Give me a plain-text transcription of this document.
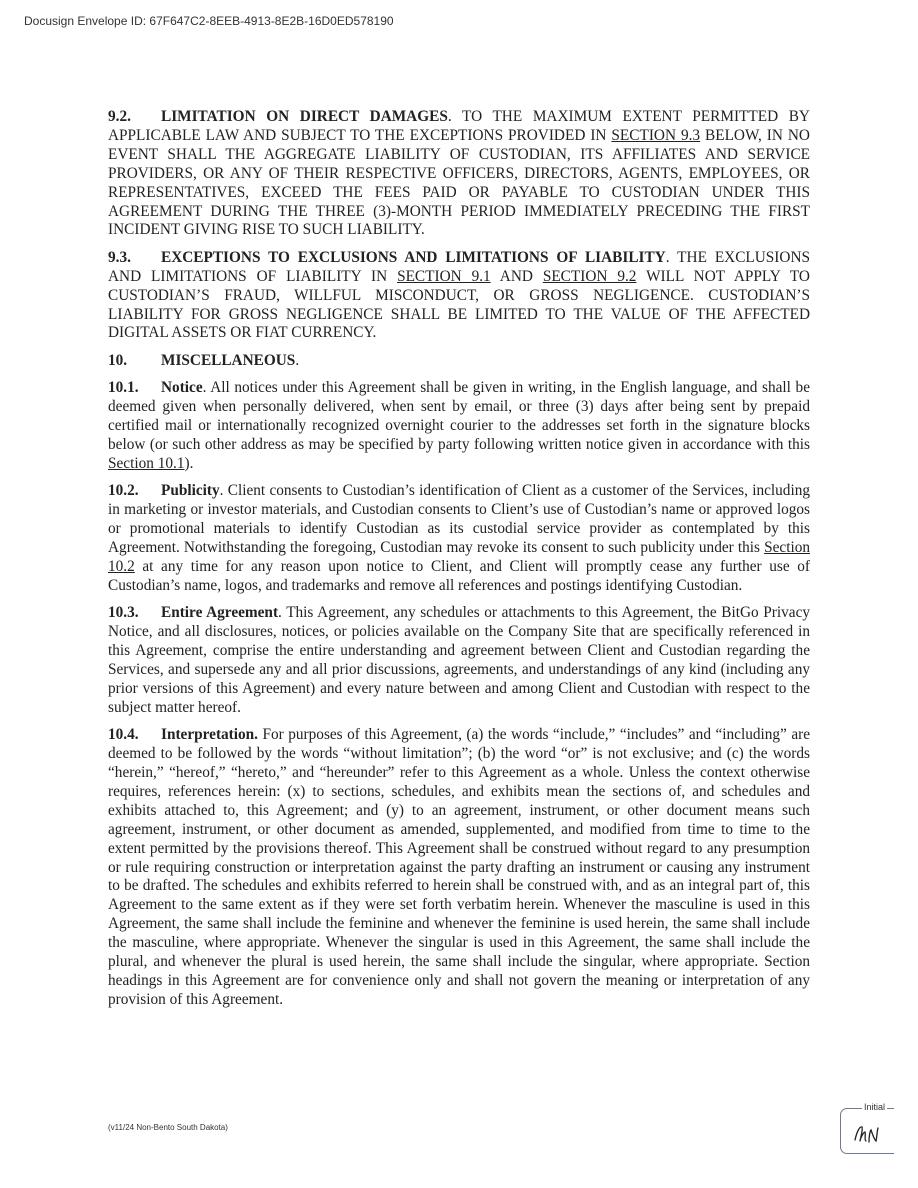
Docusign Envelope ID: 67F647C2-8EEB-4913-8E2B-16D0ED578190

9.2. LIMITATION ON DIRECT DAMAGES. TO THE MAXIMUM EXTENT PERMITTED BY APPLICABLE LAW AND SUBJECT TO THE EXCEPTIONS PROVIDED IN SECTION 9.3 BELOW, IN NO EVENT SHALL THE AGGREGATE LIABILITY OF CUSTODIAN, ITS AFFILIATES AND SERVICE PROVIDERS, OR ANY OF THEIR RESPECTIVE OFFICERS, DIRECTORS, AGENTS, EMPLOYEES, OR REPRESENTATIVES, EXCEED THE FEES PAID OR PAYABLE TO CUSTODIAN UNDER THIS AGREEMENT DURING THE THREE (3)-MONTH PERIOD IMMEDIATELY PRECEDING THE FIRST INCIDENT GIVING RISE TO SUCH LIABILITY.

9.3. EXCEPTIONS TO EXCLUSIONS AND LIMITATIONS OF LIABILITY. THE EXCLUSIONS AND LIMITATIONS OF LIABILITY IN SECTION 9.1 AND SECTION 9.2 WILL NOT APPLY TO CUSTODIAN’S FRAUD, WILLFUL MISCONDUCT, OR GROSS NEGLIGENCE. CUSTODIAN’S LIABILITY FOR GROSS NEGLIGENCE SHALL BE LIMITED TO THE VALUE OF THE AFFECTED DIGITAL ASSETS OR FIAT CURRENCY.

10. MISCELLANEOUS.

10.1. Notice. All notices under this Agreement shall be given in writing, in the English language, and shall be deemed given when personally delivered, when sent by email, or three (3) days after being sent by prepaid certified mail or internationally recognized overnight courier to the addresses set forth in the signature blocks below (or such other address as may be specified by party following written notice given in accordance with this Section 10.1).

10.2. Publicity. Client consents to Custodian’s identification of Client as a customer of the Services, including in marketing or investor materials, and Custodian consents to Client’s use of Custodian’s name or approved logos or promotional materials to identify Custodian as its custodial service provider as contemplated by this Agreement. Notwithstanding the foregoing, Custodian may revoke its consent to such publicity under this Section 10.2 at any time for any reason upon notice to Client, and Client will promptly cease any further use of Custodian’s name, logos, and trademarks and remove all references and postings identifying Custodian.

10.3. Entire Agreement. This Agreement, any schedules or attachments to this Agreement, the BitGo Privacy Notice, and all disclosures, notices, or policies available on the Company Site that are specifically referenced in this Agreement, comprise the entire understanding and agreement between Client and Custodian regarding the Services, and supersede any and all prior discussions, agreements, and understandings of any kind (including any prior versions of this Agreement) and every nature between and among Client and Custodian with respect to the subject matter hereof.

10.4. Interpretation. For purposes of this Agreement, (a) the words “include,” “includes” and “including” are deemed to be followed by the words “without limitation”; (b) the word “or” is not exclusive; and (c) the words “herein,” “hereof,” “hereto,” and “hereunder” refer to this Agreement as a whole. Unless the context otherwise requires, references herein: (x) to sections, schedules, and exhibits mean the sections of, and schedules and exhibits attached to, this Agreement; and (y) to an agreement, instrument, or other document means such agreement, instrument, or other document as amended, supplemented, and modified from time to time to the extent permitted by the provisions thereof. This Agreement shall be construed without regard to any presumption or rule requiring construction or interpretation against the party drafting an instrument or causing any instrument to be drafted. The schedules and exhibits referred to herein shall be construed with, and as an integral part of, this Agreement to the same extent as if they were set forth verbatim herein. Whenever the masculine is used in this Agreement, the same shall include the feminine and whenever the feminine is used herein, the same shall include the masculine, where appropriate. Whenever the singular is used in this Agreement, the same shall include the plural, and whenever the plural is used herein, the same shall include the singular, where appropriate. Section headings in this Agreement are for convenience only and shall not govern the meaning or interpretation of any provision of this Agreement.

(v11/24 Non-Bento South Dakota)
Initial
